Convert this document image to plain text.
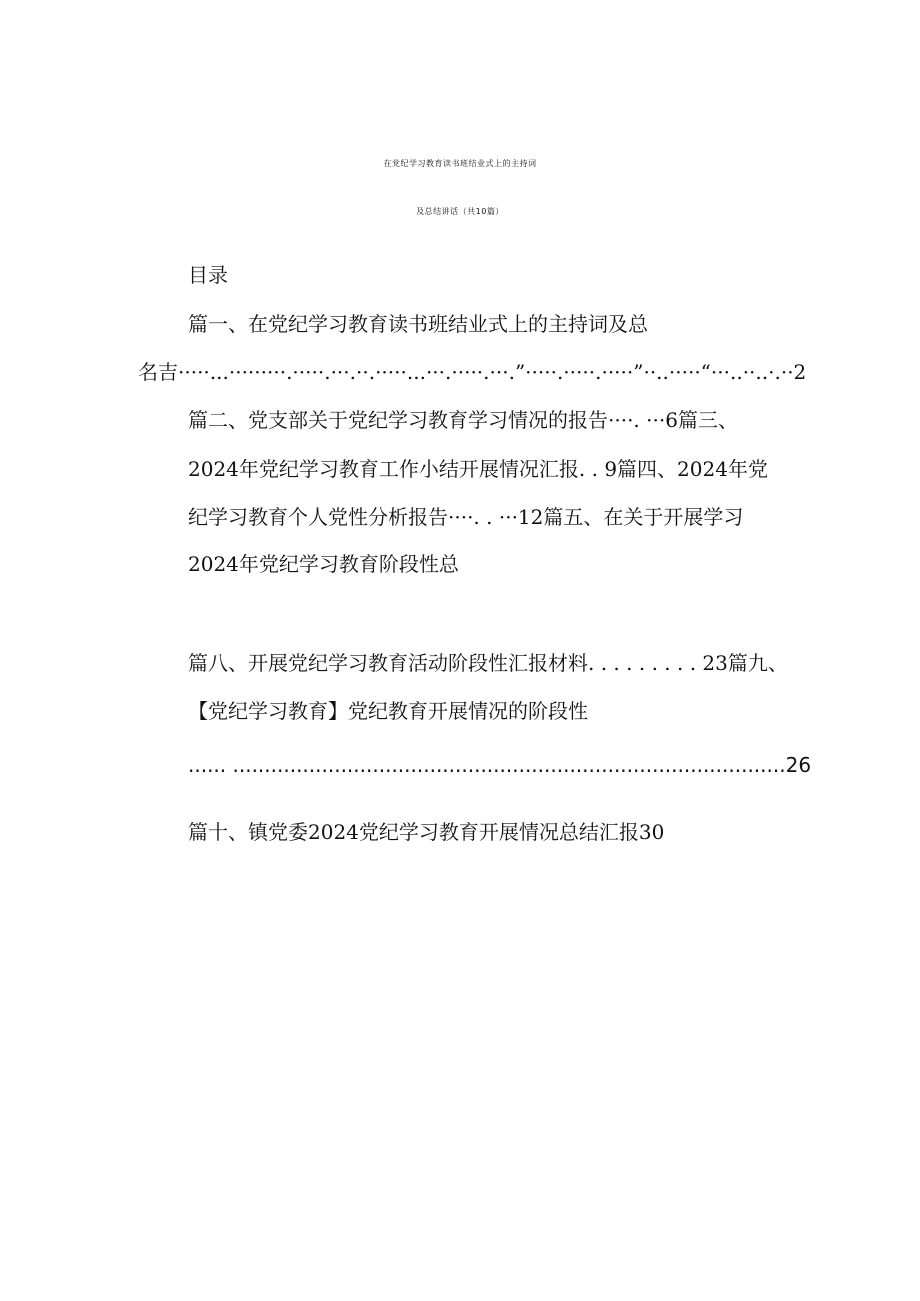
在党纪学习教育读书班结业式上的主持词
及总结讲话（共10篇）
目录
篇一、在党纪学习教育读书班结业式上的主持词及总
名吉·····...·········.·····.···.··.·····...···.·····.···.”·····.·····.·····”··..·····“···..··..·.··2
篇二、党支部关于党纪学习教育学习情况的报告····. ···6篇三、
2024年党纪学习教育工作小结开展情况汇报. . 9篇四、2024年党
纪学习教育个人党性分析报告····. . ···12篇五、在关于开展学习
2024年党纪学习教育阶段性总
篇八、开展党纪学习教育活动阶段性汇报材料. . . . . . . . . 23篇九、
【党纪学习教育】党纪教育开展情况的阶段性
...... .......................................................................................26
篇十、镇党委2024党纪学习教育开展情况总结汇报30
